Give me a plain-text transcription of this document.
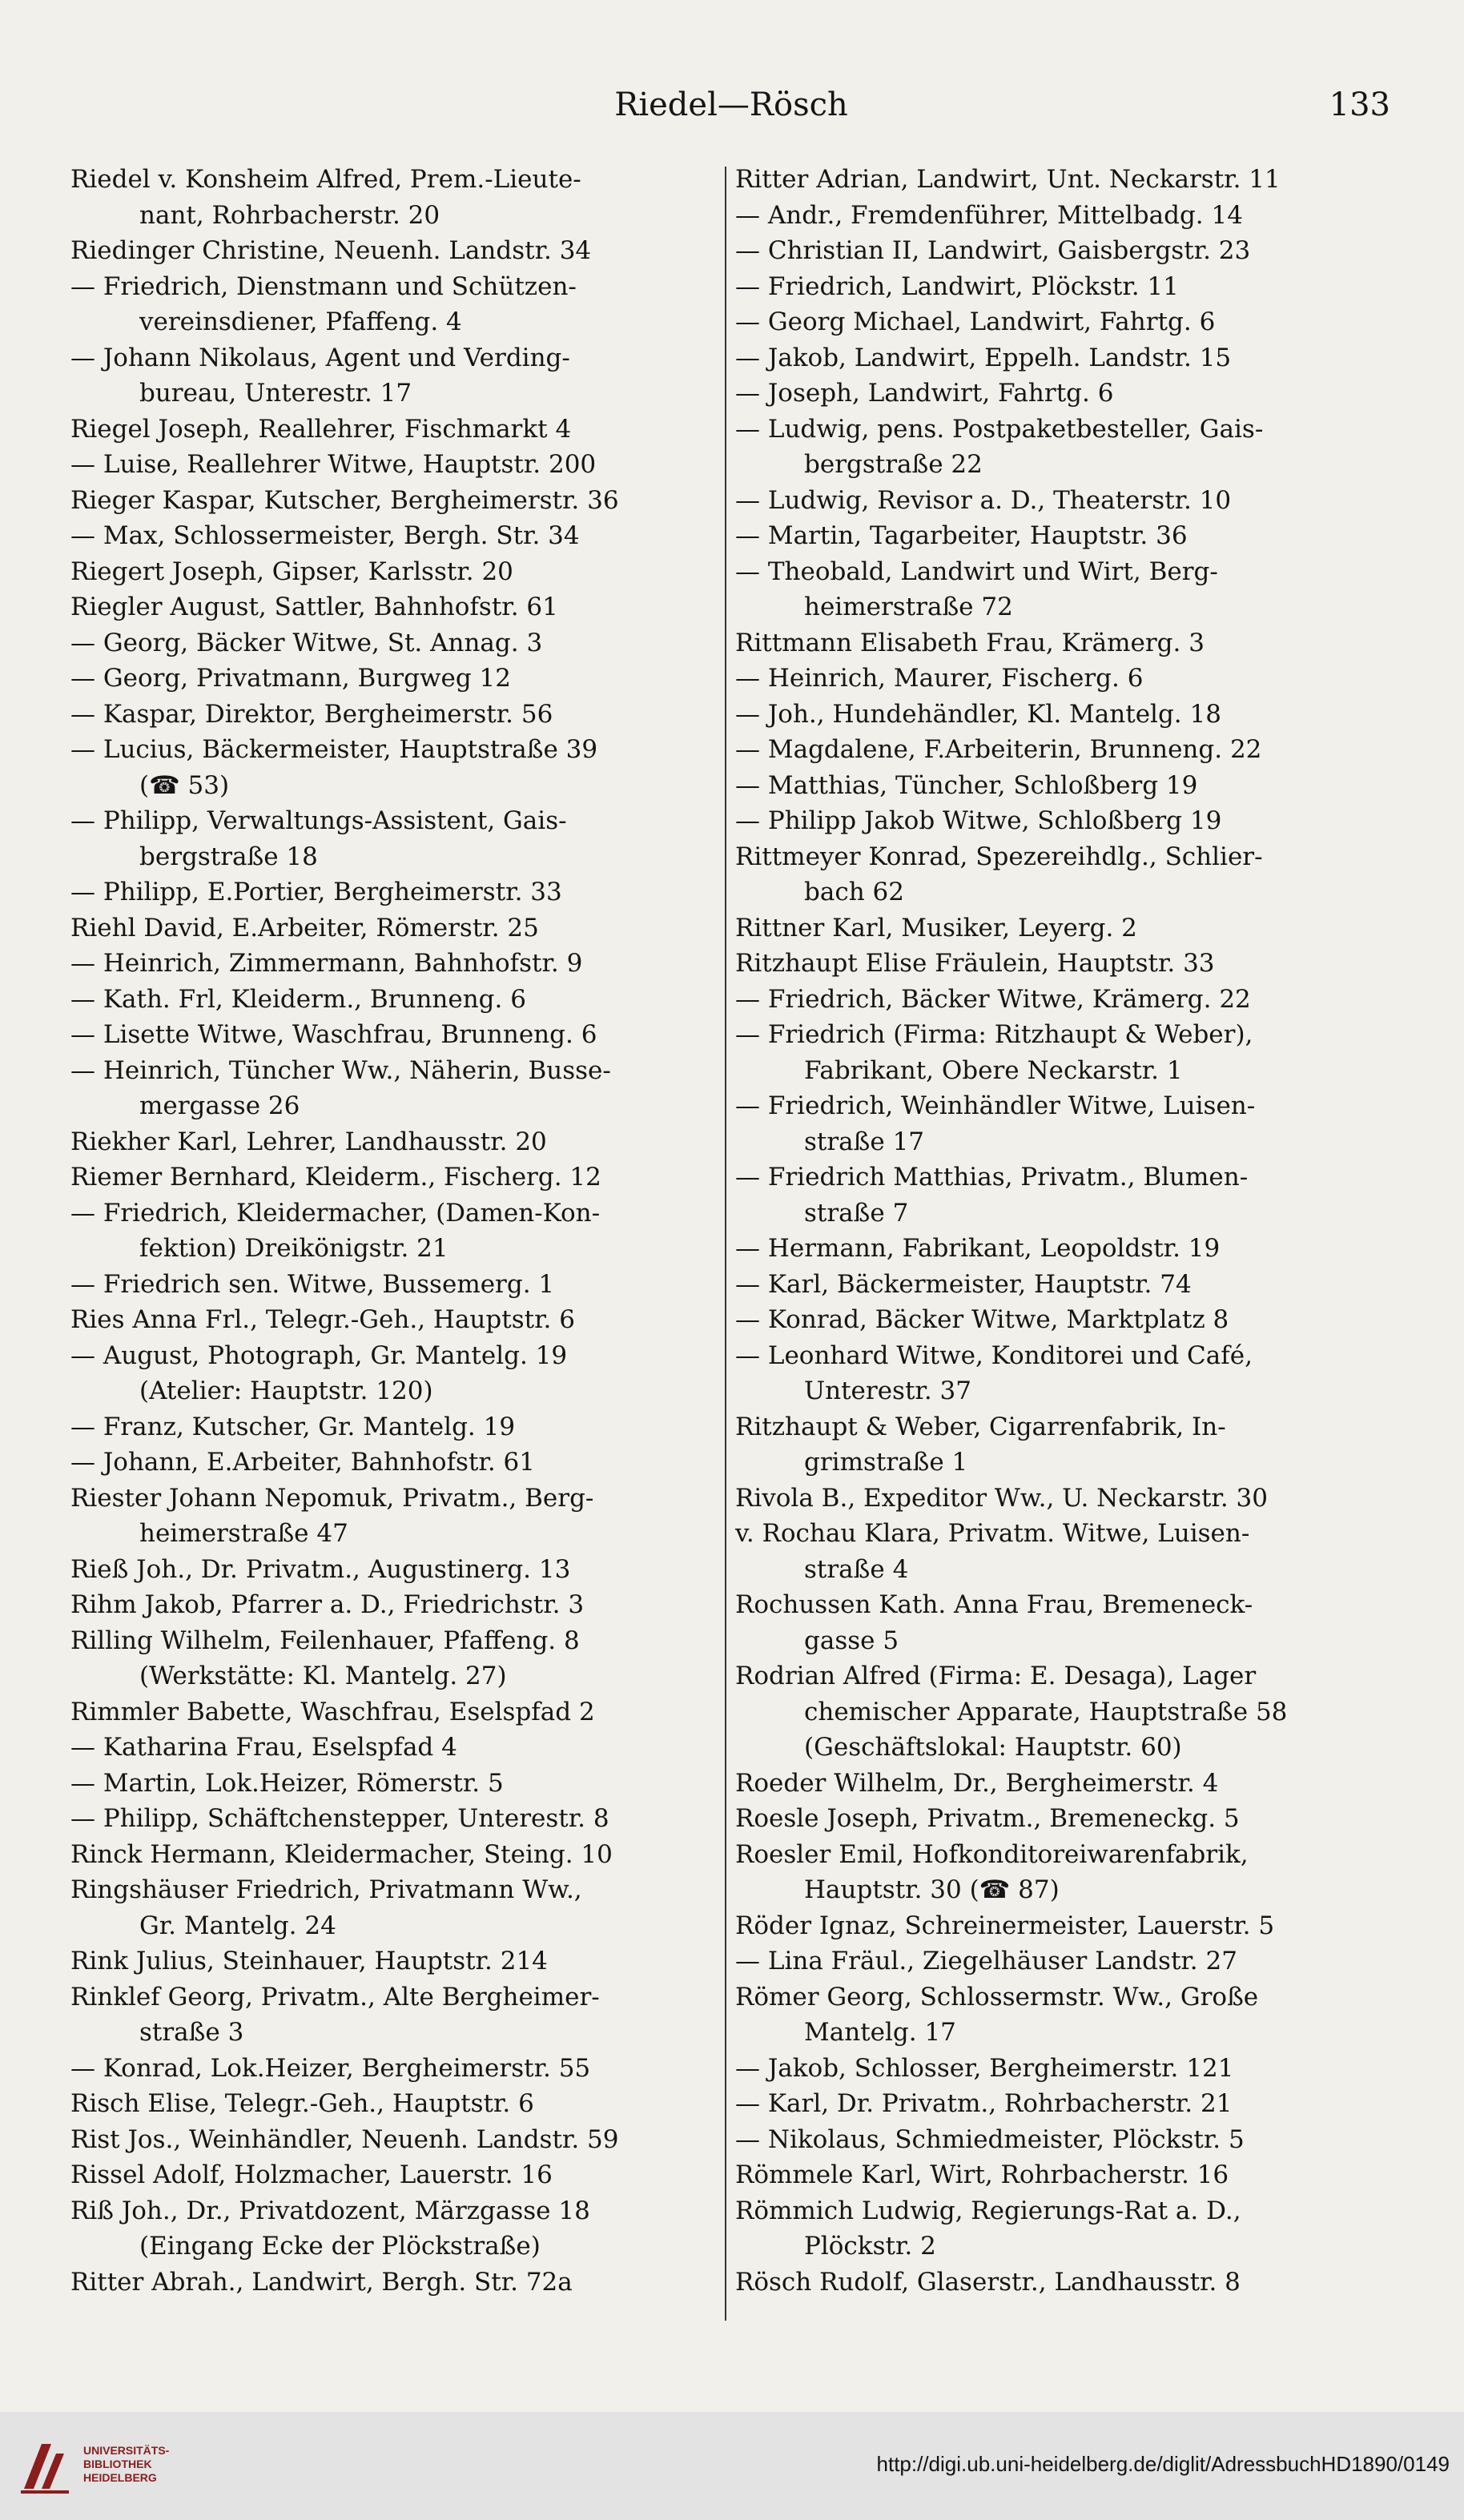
Riedel—Rösch	133
Riedel v. Konsheim Alfred, Prem.-Lieute-
nant, Rohrbacherstr. 20
Riedinger Christine, Neuenh. Landstr. 34
— Friedrich, Dienstmann und Schützen-
vereinsdiener, Pfaffeng. 4
— Johann Nikolaus, Agent und Verding-
bureau, Unterestr. 17
Riegel Joseph, Reallehrer, Fischmarkt 4
— Luise, Reallehrer Witwe, Hauptstr. 200
Rieger Kaspar, Kutscher, Bergheimerstr. 36
— Max, Schlossermeister, Bergh. Str. 34
Riegert Joseph, Gipser, Karlsstr. 20
Riegler August, Sattler, Bahnhofstr. 61
— Georg, Bäcker Witwe, St. Annag. 3
— Georg, Privatmann, Burgweg 12
— Kaspar, Direktor, Bergheimerstr. 56
— Lucius, Bäckermeister, Hauptstraße 39
(☎ 53)
— Philipp, Verwaltungs-Assistent, Gais-
bergstraße 18
— Philipp, E.Portier, Bergheimerstr. 33
Riehl David, E.Arbeiter, Römerstr. 25
— Heinrich, Zimmermann, Bahnhofstr. 9
— Kath. Frl, Kleiderm., Brunneng. 6
— Lisette Witwe, Waschfrau, Brunneng. 6
— Heinrich, Tüncher Ww., Näherin, Busse-
mergasse 26
Riekher Karl, Lehrer, Landhausstr. 20
Riemer Bernhard, Kleiderm., Fischerg. 12
— Friedrich, Kleidermacher, (Damen-Kon-
fektion) Dreikönigstr. 21
— Friedrich sen. Witwe, Bussemerg. 1
Ries Anna Frl., Telegr.-Geh., Hauptstr. 6
— August, Photograph, Gr. Mantelg. 19
(Atelier: Hauptstr. 120)
— Franz, Kutscher, Gr. Mantelg. 19
— Johann, E.Arbeiter, Bahnhofstr. 61
Riester Johann Nepomuk, Privatm., Berg-
heimerstraße 47
Rieß Joh., Dr. Privatm., Augustinerg. 13
Rihm Jakob, Pfarrer a. D., Friedrichstr. 3
Rilling Wilhelm, Feilenhauer, Pfaffeng. 8
(Werkstätte: Kl. Mantelg. 27)
Rimmler Babette, Waschfrau, Eselspfad 2
— Katharina Frau, Eselspfad 4
— Martin, Lok.Heizer, Römerstr. 5
— Philipp, Schäftchenstepper, Unterestr. 8
Rinck Hermann, Kleidermacher, Steing. 10
Ringshäuser Friedrich, Privatmann Ww.,
Gr. Mantelg. 24
Rink Julius, Steinhauer, Hauptstr. 214
Rinklef Georg, Privatm., Alte Bergheimer-
straße 3
— Konrad, Lok.Heizer, Bergheimerstr. 55
Risch Elise, Telegr.-Geh., Hauptstr. 6
Rist Jos., Weinhändler, Neuenh. Landstr. 59
Rissel Adolf, Holzmacher, Lauerstr. 16
Riß Joh., Dr., Privatdozent, Märzgasse 18
(Eingang Ecke der Plöckstraße)
Ritter Abrah., Landwirt, Bergh. Str. 72a
Ritter Adrian, Landwirt, Unt. Neckarstr. 11
— Andr., Fremdenführer, Mittelbadg. 14
— Christian II, Landwirt, Gaisbergstr. 23
— Friedrich, Landwirt, Plöckstr. 11
— Georg Michael, Landwirt, Fahrtg. 6
— Jakob, Landwirt, Eppelh. Landstr. 15
— Joseph, Landwirt, Fahrtg. 6
— Ludwig, pens. Postpaketbesteller, Gais-
bergstraße 22
— Ludwig, Revisor a. D., Theaterstr. 10
— Martin, Tagarbeiter, Hauptstr. 36
— Theobald, Landwirt und Wirt, Berg-
heimerstraße 72
Rittmann Elisabeth Frau, Krämerg. 3
— Heinrich, Maurer, Fischerg. 6
— Joh., Hundehändler, Kl. Mantelg. 18
— Magdalene, F.Arbeiterin, Brunneng. 22
— Matthias, Tüncher, Schloßberg 19
— Philipp Jakob Witwe, Schloßberg 19
Rittmeyer Konrad, Spezereihdlg., Schlier-
bach 62
Rittner Karl, Musiker, Leyerg. 2
Ritzhaupt Elise Fräulein, Hauptstr. 33
— Friedrich, Bäcker Witwe, Krämerg. 22
— Friedrich (Firma: Ritzhaupt & Weber),
Fabrikant, Obere Neckarstr. 1
— Friedrich, Weinhändler Witwe, Luisen-
straße 17
— Friedrich Matthias, Privatm., Blumen-
straße 7
— Hermann, Fabrikant, Leopoldstr. 19
— Karl, Bäckermeister, Hauptstr. 74
— Konrad, Bäcker Witwe, Marktplatz 8
— Leonhard Witwe, Konditorei und Café,
Unterestr. 37
Ritzhaupt & Weber, Cigarrenfabrik, In-
grimstraße 1
Rivola B., Expeditor Ww., U. Neckarstr. 30
v. Rochau Klara, Privatm. Witwe, Luisen-
straße 4
Rochussen Kath. Anna Frau, Bremeneck-
gasse 5
Rodrian Alfred (Firma: E. Desaga), Lager
chemischer Apparate, Hauptstraße 58
(Geschäftslokal: Hauptstr. 60)
Roeder Wilhelm, Dr., Bergheimerstr. 4
Roesle Joseph, Privatm., Bremeneckg. 5
Roesler Emil, Hofkonditoreiwarenfabrik,
Hauptstr. 30 (☎ 87)
Röder Ignaz, Schreinermeister, Lauerstr. 5
— Lina Fräul., Ziegelhäuser Landstr. 27
Römer Georg, Schlossermstr. Ww., Große
Mantelg. 17
— Jakob, Schlosser, Bergheimerstr. 121
— Karl, Dr. Privatm., Rohrbacherstr. 21
— Nikolaus, Schmiedmeister, Plöckstr. 5
Römmele Karl, Wirt, Rohrbacherstr. 16
Römmich Ludwig, Regierungs-Rat a. D.,
Plöckstr. 2
Rösch Rudolf, Glaserstr., Landhausstr. 8
UNIVERSITÄTS-
BIBLIOTHEK
HEIDELBERG
http://digi.ub.uni-heidelberg.de/diglit/AdressbuchHD1890/0149
